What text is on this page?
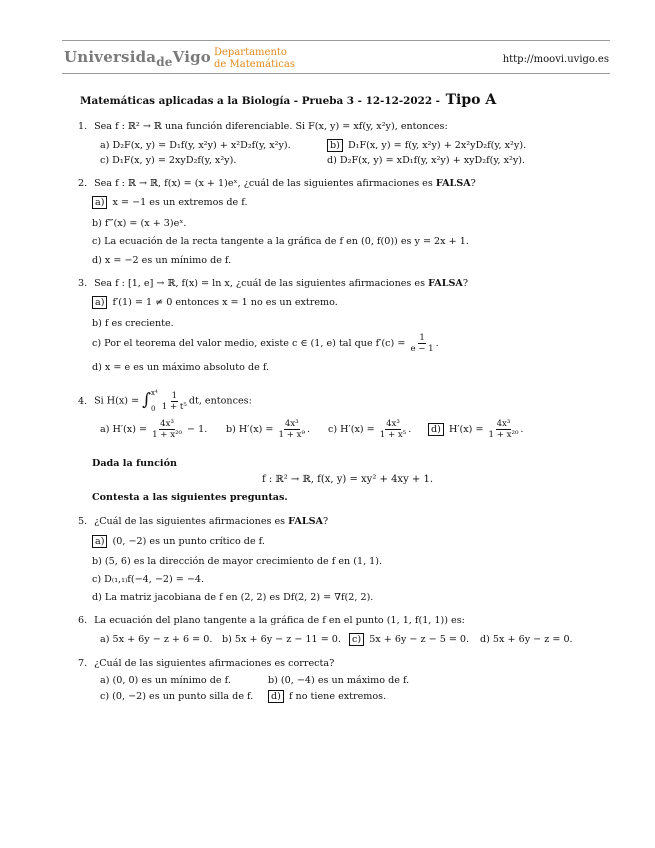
Universida$_{de}$Vigo Departamento
de Matemáticas	http://moovi.uvigo.es
Matemáticas aplicadas a la Biología - Prueba 3 - 12-12-2022 - Tipo A
1. Sea f : ℝ² → ℝ una función diferenciable. Si F(x, y) = xf(y, x²y), entonces:
a) D₂F(x, y) = D₁f(y, x²y) + x²D₂f(y, x²y).	b) D₁F(x, y) = f(y, x²y) + 2x²yD₂f(y, x²y).
c) D₁F(x, y) = 2xyD₂f(y, x²y).	d) D₂F(x, y) = xD₁f(y, x²y) + xyD₂f(y, x²y).
2. Sea f : ℝ → ℝ, f(x) = (x + 1)eˣ, ¿cuál de las siguientes afirmaciones es FALSA?
a) x = −1 es un extremos de f.
b) f‴(x) = (x + 3)eˣ.
c) La ecuación de la recta tangente a la gráfica de f en (0, f(0)) es y = 2x + 1.
d) x = −2 es un mínimo de f.
3. Sea f : [1, e] → ℝ, f(x) = ln x, ¿cuál de las siguientes afirmaciones es FALSA?
a) f′(1) = 1 ≠ 0 entonces x = 1 no es un extremo.
b) f es creciente.
c) Por el teorema del valor medio, existe c ∈ (1, e) tal que $f'(c) = \frac{1}{e - 1}$ .
d) x = e es un máximo absoluto de f.
4. Si H(x) = ∫ x⁴
$0 \frac{1}{\text{1 + t⁵}}$ dt, entonces:
a) $H'(x) = \frac{\text{4x³}}{\text{1 + x²⁰}} - 1$. b) $H'(x) = \frac{\text{4x³}}{\text{1 + x⁹}}$ . c) $H'(x) = \frac{\text{4x³}}{\text{1 + x⁵}}$ .	d) $H'(x) = \frac{\text{4x³}}{\text{1 + x²⁰}}$ .
Dada la función
f : ℝ² → ℝ, f(x, y) = xy² + 4xy + 1.
Contesta a las siguientes preguntas.
5. ¿Cuál de las siguientes afirmaciones es FALSA?
a) (0, −2) es un punto crítico de f.
b) (5, 6) es la dirección de mayor crecimiento de f en (1, 1).
c) D₍₁,₁₎f(−4, −2) = −4.
d) La matriz jacobiana de f en (2, 2) es Df(2, 2) = ∇f(2, 2).
6. La ecuación del plano tangente a la gráfica de f en el punto (1, 1, f(1, 1)) es:
a) 5x + 6y − z + 6 = 0. b) 5x + 6y − z − 11 = 0.	c) 5x + 6y − z − 5 = 0. d) 5x + 6y − z = 0.
7. ¿Cuál de las siguientes afirmaciones es correcta?
a) (0, 0) es un mínimo de f.	b) (0, −4) es un máximo de f.
c) (0, −2) es un punto silla de f.	d) f no tiene extremos.
